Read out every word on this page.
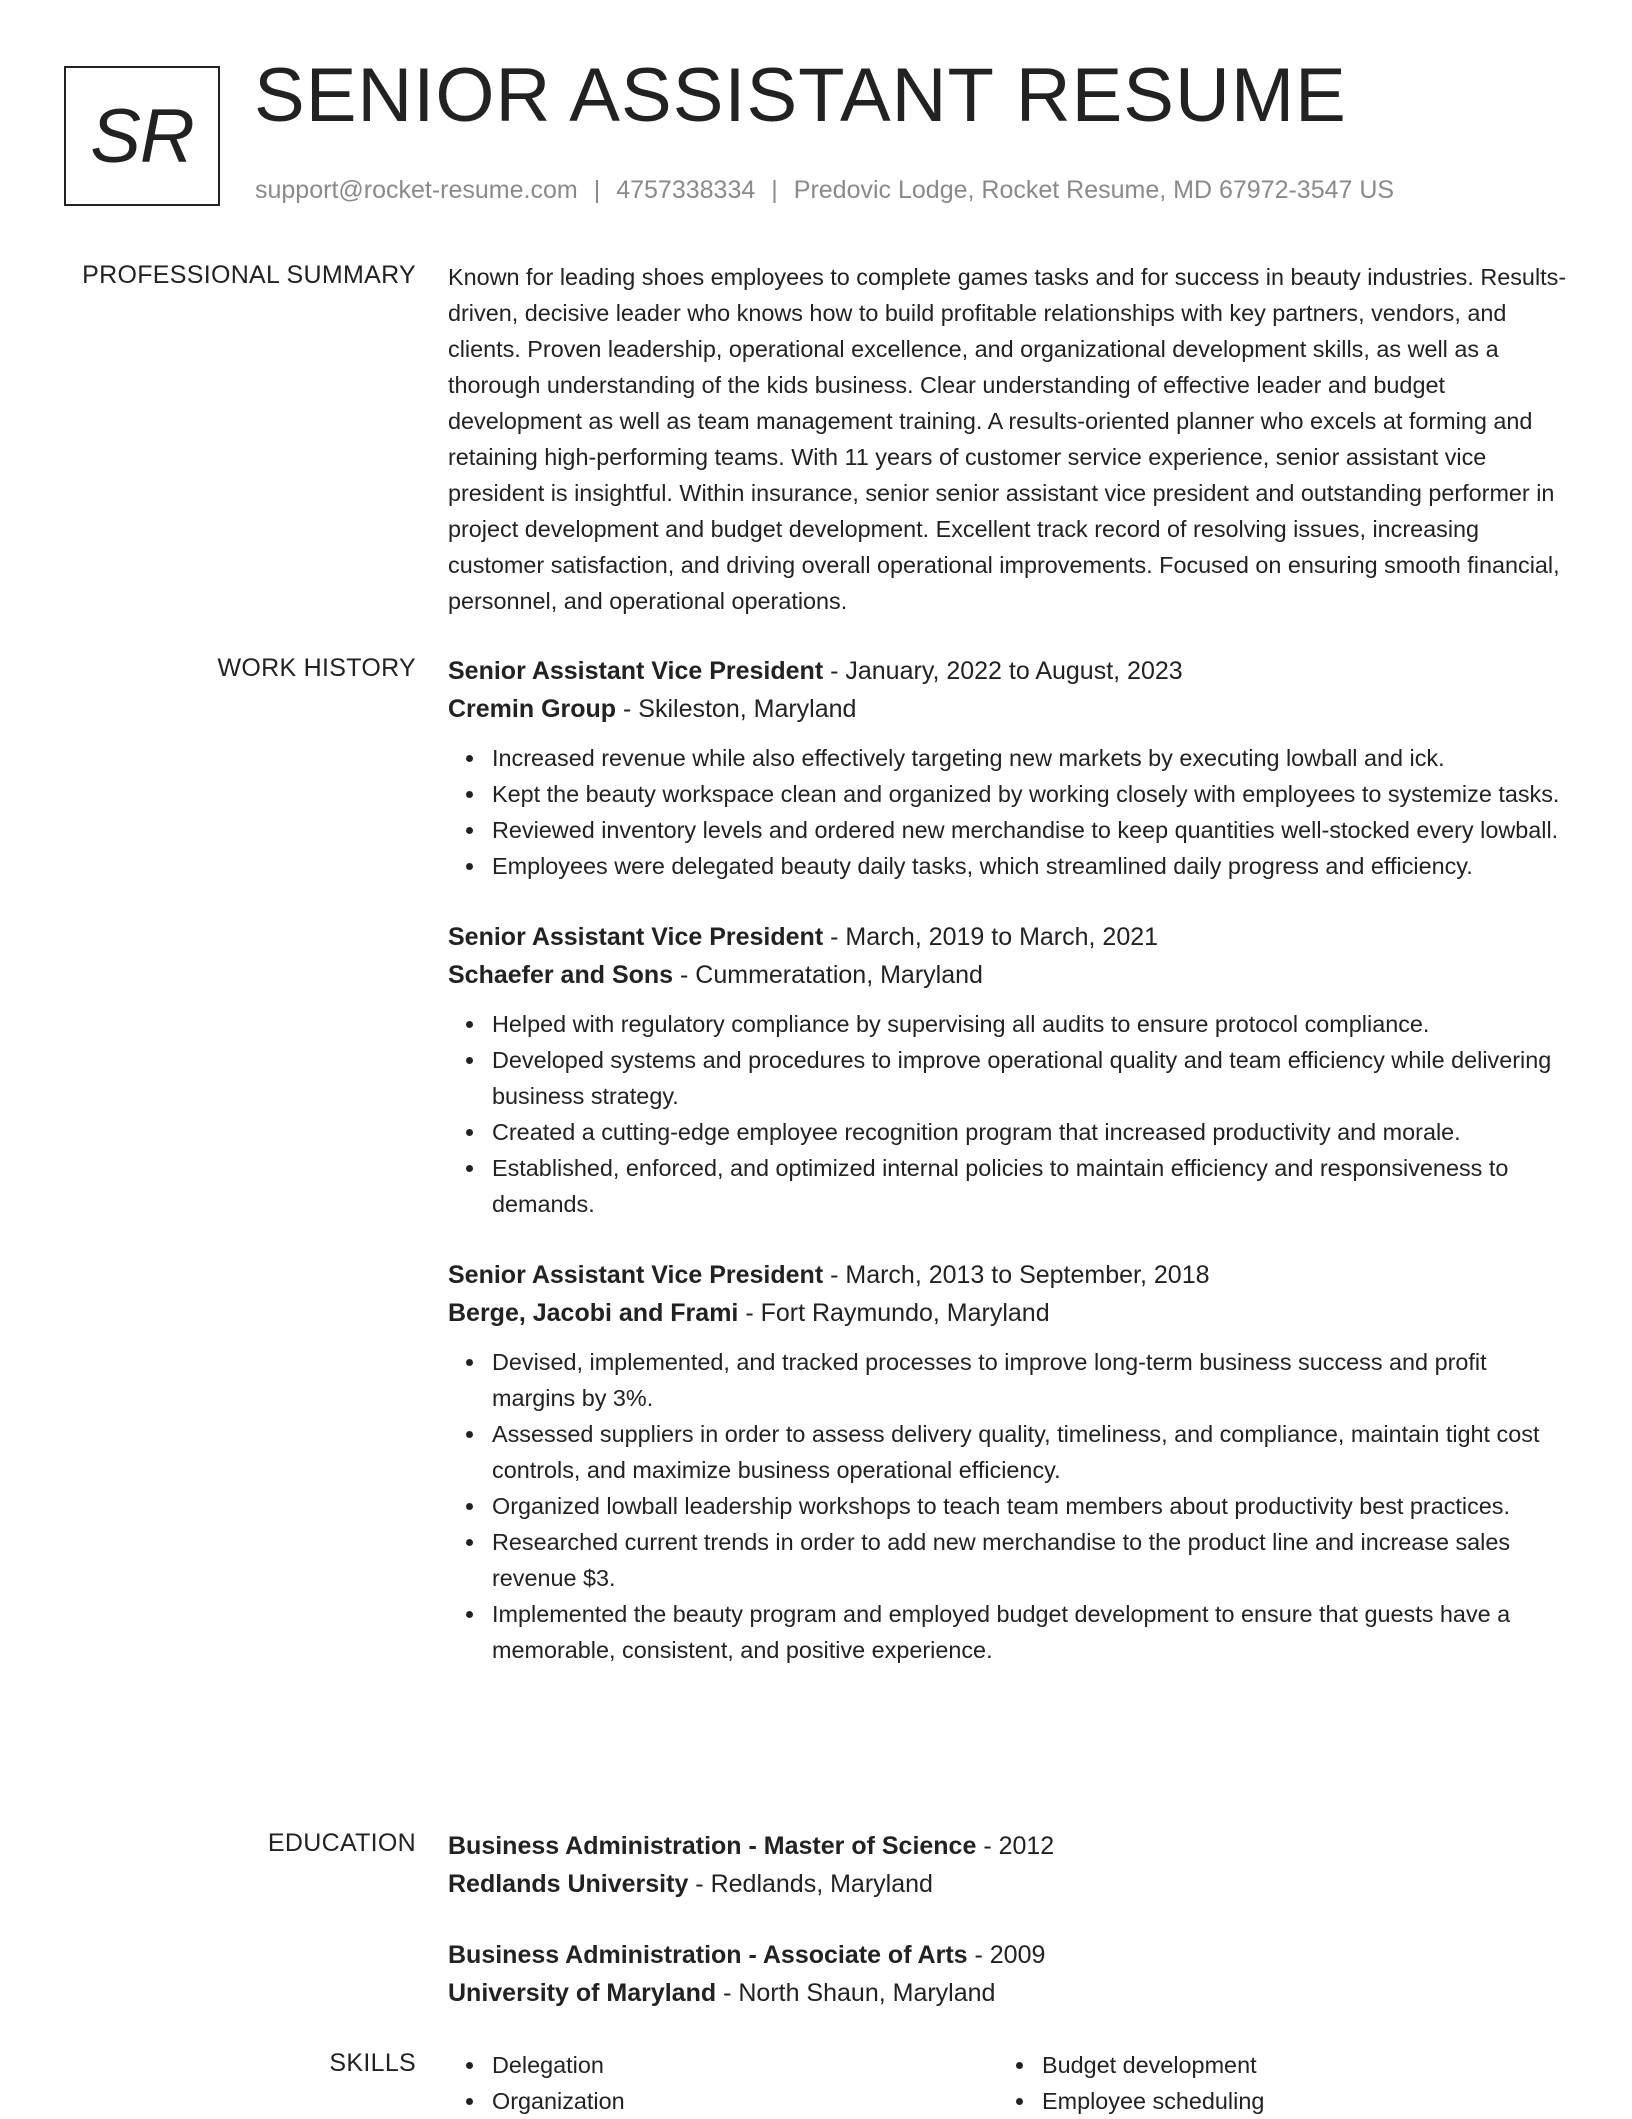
SR SENIOR ASSISTANT RESUME
support@rocket-resume.com | 4757338334 | Predovic Lodge, Rocket Resume, MD 67972-3547 US
PROFESSIONAL SUMMARY Known for leading shoes employees to complete games tasks and for success in beauty industries. Results-driven, decisive leader who knows how to build profitable relationships with key partners, vendors, and clients. Proven leadership, operational excellence, and organizational development skills, as well as a thorough understanding of the kids business. Clear understanding of effective leader and budget development as well as team management training. A results-oriented planner who excels at forming and retaining high-performing teams. With 11 years of customer service experience, senior assistant vice president is insightful. Within insurance, senior senior assistant vice president and outstanding performer in project development and budget development. Excellent track record of resolving issues, increasing customer satisfaction, and driving overall operational improvements. Focused on ensuring smooth financial, personnel, and operational operations.

WORK HISTORY Senior Assistant Vice President - January, 2022 to August, 2023
Cremin Group - Skileston, Maryland
Increased revenue while also effectively targeting new markets by executing lowball and ick.
Kept the beauty workspace clean and organized by working closely with employees to systemize tasks.
Reviewed inventory levels and ordered new merchandise to keep quantities well-stocked every lowball.
Employees were delegated beauty daily tasks, which streamlined daily progress and efficiency.
Senior Assistant Vice President - March, 2019 to March, 2021
Schaefer and Sons - Cummeratation, Maryland
Helped with regulatory compliance by supervising all audits to ensure protocol compliance.
Developed systems and procedures to improve operational quality and team efficiency while delivering business strategy.
Created a cutting-edge employee recognition program that increased productivity and morale.
Established, enforced, and optimized internal policies to maintain efficiency and responsiveness to demands.
Senior Assistant Vice President - March, 2013 to September, 2018
Berge, Jacobi and Frami - Fort Raymundo, Maryland
Devised, implemented, and tracked processes to improve long-term business success and profit margins by 3%.
Assessed suppliers in order to assess delivery quality, timeliness, and compliance, maintain tight cost controls, and maximize business operational efficiency.
Organized lowball leadership workshops to teach team members about productivity best practices.
Researched current trends in order to add new merchandise to the product line and increase sales revenue $3.
Implemented the beauty program and employed budget development to ensure that guests have a memorable, consistent, and positive experience.
EDUCATION Business Administration - Master of Science - 2012
Redlands University - Redlands, Maryland
Business Administration - Associate of Arts - 2009
University of Maryland - North Shaun, Maryland
SKILLS	Delegation
Organization
Budget development
Employee scheduling
